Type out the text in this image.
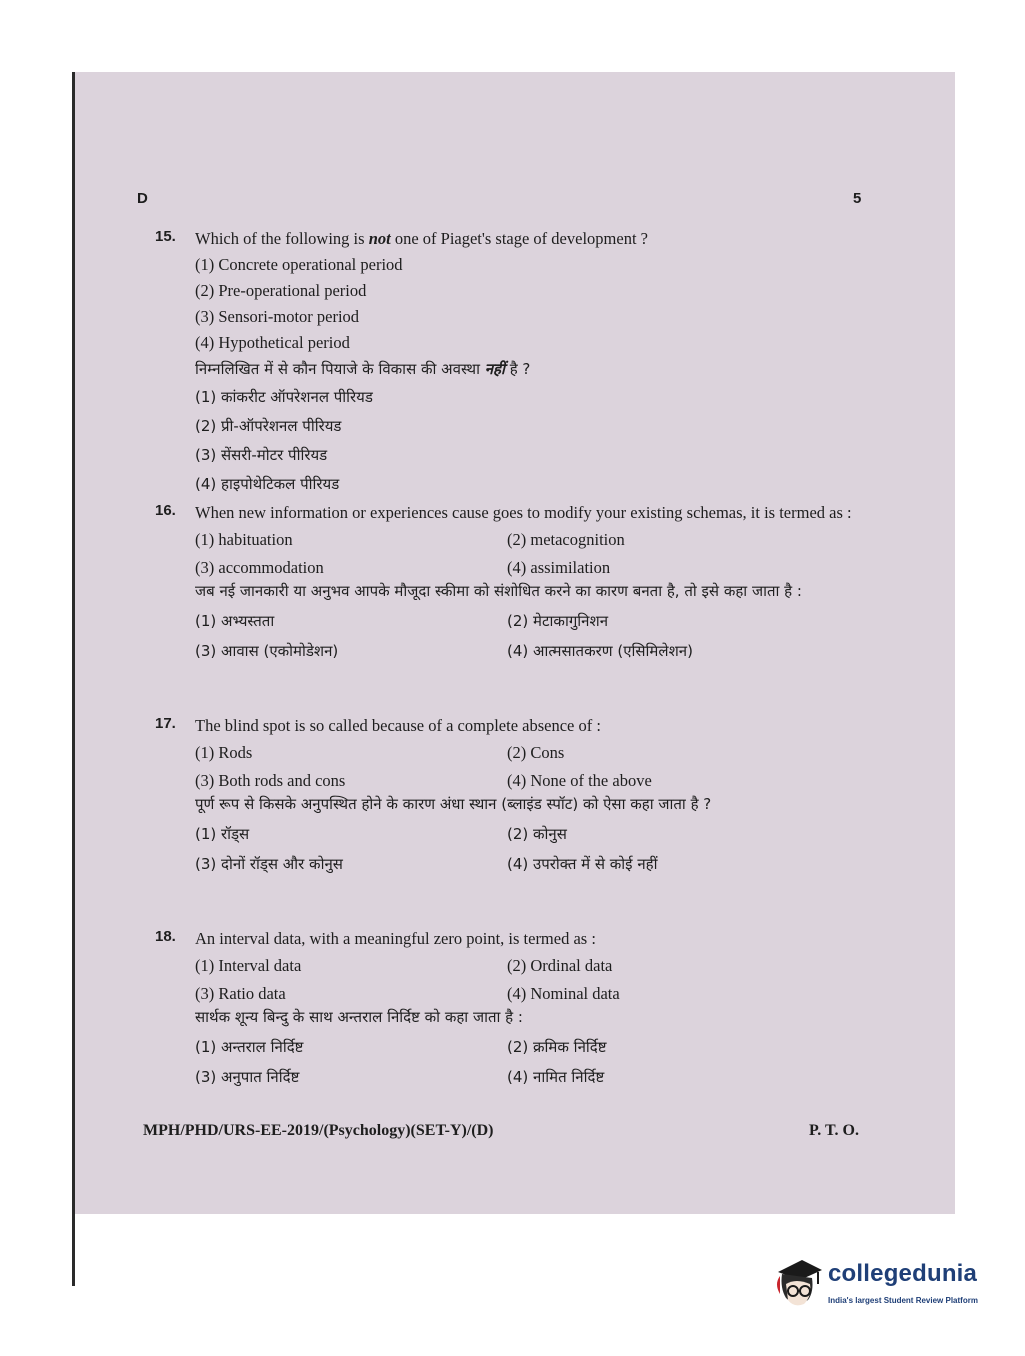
D	5
15. Which of the following is not one of Piaget's stage of development ?
(1) Concrete operational period
(2) Pre-operational period
(3) Sensori-motor period
(4) Hypothetical period
निम्नलिखित में से कौन पियाजे के विकास की अवस्था नहीं है ?
(1) कांकरीट ऑपरेशनल पीरियड
(2) प्री-ऑपरेशनल पीरियड
(3) सेंसरी-मोटर पीरियड
(4) हाइपोथेटिकल पीरियड
16. When new information or experiences cause goes to modify your existing schemas, it is termed as :
(1) habituation	(2) metacognition
(3) accommodation	(4) assimilation
जब नई जानकारी या अनुभव आपके मौजूदा स्कीमा को संशोधित करने का कारण बनता है, तो इसे कहा जाता है :
(1) अभ्यस्तता	(2) मेटाकागुनिशन
(3) आवास (एकोमोडेशन)	(4) आत्मसातकरण (एसिमिलेशन)
17. The blind spot is so called because of a complete absence of :
(1) Rods	(2) Cons
(3) Both rods and cons	(4) None of the above
पूर्ण रूप से किसके अनुपस्थित होने के कारण अंधा स्थान (ब्लाइंड स्पॉट) को ऐसा कहा जाता है ?
(1) रॉड्स	(2) कोनुस
(3) दोनों रॉड्स और कोनुस	(4) उपरोक्त में से कोई नहीं
18. An interval data, with a meaningful zero point, is termed as :
(1) Interval data	(2) Ordinal data
(3) Ratio data	(4) Nominal data
सार्थक शून्य बिन्दु के साथ अन्तराल निर्दिष्ट को कहा जाता है :
(1) अन्तराल निर्दिष्ट	(2) क्रमिक निर्दिष्ट
(3) अनुपात निर्दिष्ट	(4) नामित निर्दिष्ट
MPH/PHD/URS-EE-2019/(Psychology)(SET-Y)/(D)	P. T. O.
collegedunia
India's largest Student Review Platform
